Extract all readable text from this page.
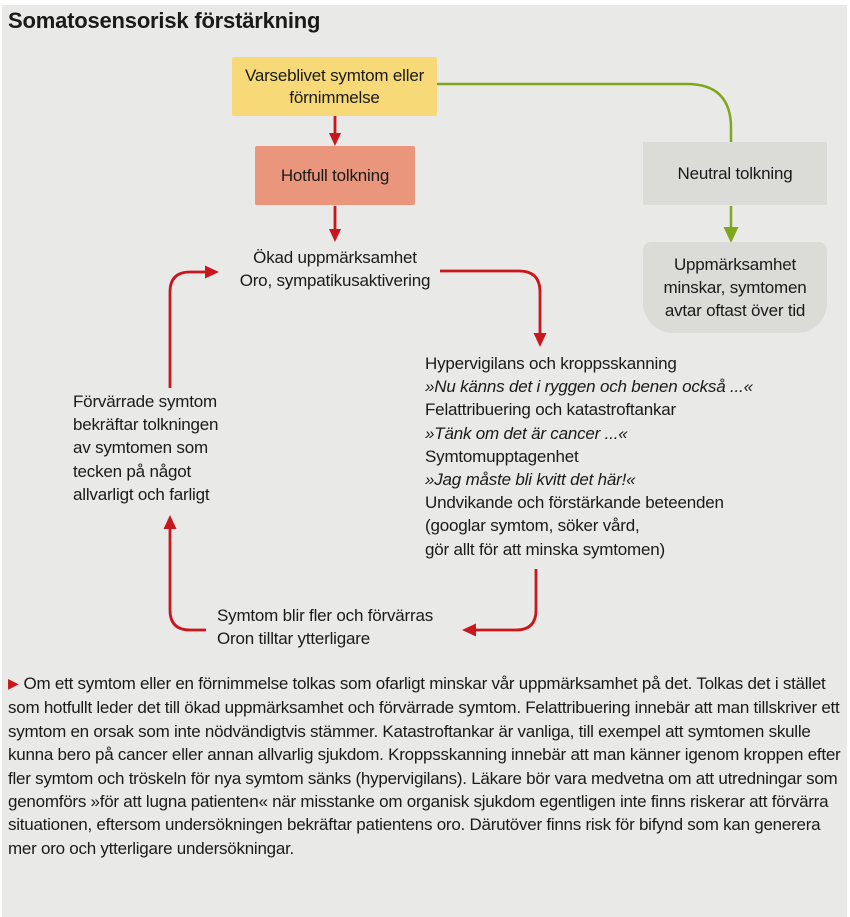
Somatosensorisk förstärkning
Varseblivet symtom eller förnimmelse
Hotfull tolkning	Neutral tolkning
Uppmärksamhet minskar, symtomen avtar oftast över tid
Ökad uppmärksamhet
Oro, sympatikusaktivering
Hypervigilans och kroppsskanning
»Nu känns det i ryggen och benen också ...«
Felattribuering och katastroftankar
»Tänk om det är cancer ...«
Symtomupptagenhet
»Jag måste bli kvitt det här!«
Undvikande och förstärkande beteenden
(googlar symtom, söker vård,
gör allt för att minska symtomen)
Förvärrade symtom
bekräftar tolkningen
av symtomen som
tecken på något
allvarligt och farligt
Symtom blir fler och förvärras
Oron tilltar ytterligare
▶ Om ett symtom eller en förnimmelse tolkas som ofarligt minskar vår uppmärksamhet på det. Tolkas det i stället som hotfullt leder det till ökad uppmärksamhet och förvärrade symtom. Felattribuering innebär att man tillskriver ett symtom en orsak som inte nödvändigtvis stämmer. Katastroftankar är vanliga, till exempel att symtomen skulle kunna bero på cancer eller annan allvarlig sjukdom. Kroppsskanning innebär att man känner igenom kroppen efter fler symtom och tröskeln för nya symtom sänks (hypervigilans). Läkare bör vara medvetna om att utredningar som genomförs »för att lugna patienten« när misstanke om organisk sjukdom egentligen inte finns riskerar att förvärra situationen, eftersom undersökningen bekräftar patientens oro. Därutöver finns risk för bifynd som kan generera mer oro och ytterligare undersökningar.
